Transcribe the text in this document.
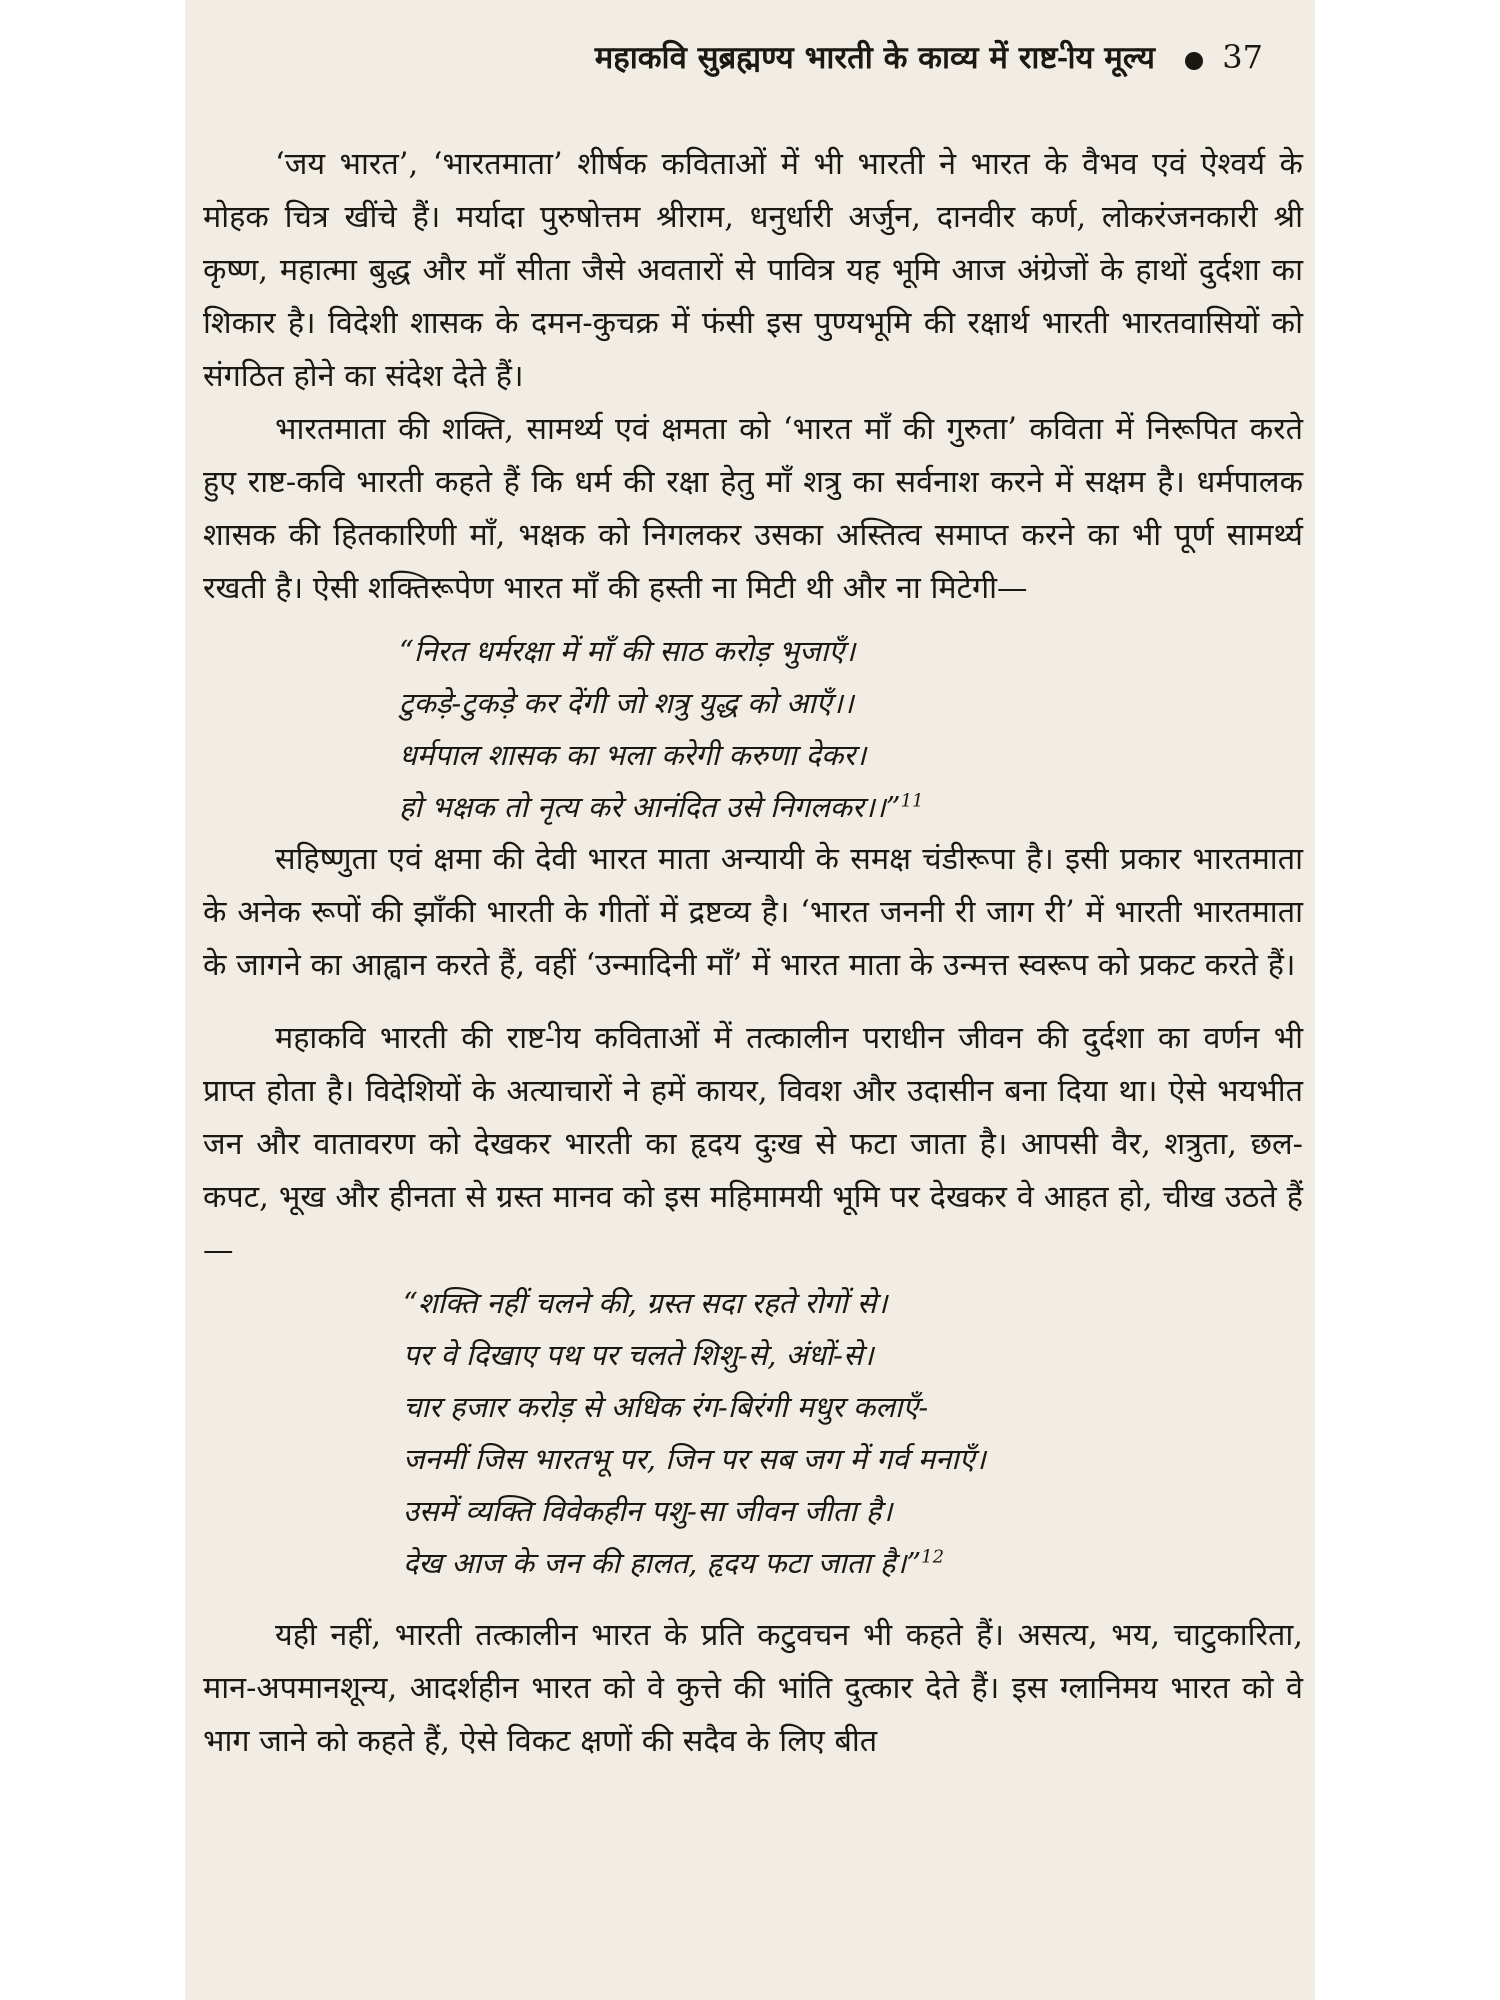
महाकवि सुब्रह्मण्य भारती के काव्य में राष्ट-ीय मूल्य 37

‘जय भारत’, ‘भारतमाता’ शीर्षक कविताओं में भी भारती ने भारत के वैभव एवं ऐश्वर्य के मोहक चित्र खींचे हैं। मर्यादा पुरुषोत्तम श्रीराम, धनुर्धारी अर्जुन, दानवीर कर्ण, लोकरंजनकारी श्री कृष्ण, महात्मा बुद्ध और माँ सीता जैसे अवतारों से पावित्र यह भूमि आज अंग्रेजों के हाथों दुर्दशा का शिकार है। विदेशी शासक के दमन-कुचक्र में फंसी इस पुण्यभूमि की रक्षार्थ भारती भारतवासियों को संगठित होने का संदेश देते हैं।

भारतमाता की शक्ति, सामर्थ्य एवं क्षमता को ‘भारत माँ की गुरुता’ कविता में निरूपित करते हुए राष्ट-कवि भारती कहते हैं कि धर्म की रक्षा हेतु माँ शत्रु का सर्वनाश करने में सक्षम है। धर्मपालक शासक की हितकारिणी माँ, भक्षक को निगलकर उसका अस्तित्व समाप्त करने का भी पूर्ण सामर्थ्य रखती है। ऐसी शक्तिरूपेण भारत माँ की हस्ती ना मिटी थी और ना मिटेगी—

“निरत धर्मरक्षा में माँ की साठ करोड़ भुजाएँ।
टुकड़े-टुकड़े कर देंगी जो शत्रु युद्ध को आएँ।।
धर्मपाल शासक का भला करेगी करुणा देकर।
हो भक्षक तो नृत्य करे आनंदित उसे निगलकर।।”$^{11}$

सहिष्णुता एवं क्षमा की देवी भारत माता अन्यायी के समक्ष चंडीरूपा है। इसी प्रकार भारतमाता के अनेक रूपों की झाँकी भारती के गीतों में द्रष्टव्य है। ‘भारत जननी री जाग री’ में भारती भारतमाता के जागने का आह्वान करते हैं, वहीं ‘उन्मादिनी माँ’ में भारत माता के उन्मत्त स्वरूप को प्रकट करते हैं।

महाकवि भारती की राष्ट-ीय कविताओं में तत्कालीन पराधीन जीवन की दुर्दशा का वर्णन भी प्राप्त होता है। विदेशियों के अत्याचारों ने हमें कायर, विवश और उदासीन बना दिया था। ऐसे भयभीत जन और वातावरण को देखकर भारती का हृदय दुःख से फटा जाता है। आपसी वैर, शत्रुता, छल-कपट, भूख और हीनता से ग्रस्त मानव को इस महिमामयी भूमि पर देखकर वे आहत हो, चीख उठते हैं—

“शक्ति नहीं चलने की, ग्रस्त सदा रहते रोगों से।
पर वे दिखाए पथ पर चलते शिशु-से, अंधों-से।
चार हजार करोड़ से अधिक रंग-बिरंगी मधुर कलाएँ-
जनमीं जिस भारतभू पर, जिन पर सब जग में गर्व मनाएँ।
उसमें व्यक्ति विवेकहीन पशु-सा जीवन जीता है।
देख आज के जन की हालत, हृदय फटा जाता है।”$^{12}$

यही नहीं, भारती तत्कालीन भारत के प्रति कटुवचन भी कहते हैं। असत्य, भय, चाटुकारिता, मान-अपमानशून्य, आदर्शहीन भारत को वे कुत्ते की भांति दुत्कार देते हैं। इस ग्लानिमय भारत को वे भाग जाने को कहते हैं, ऐसे विकट क्षणों की सदैव के लिए बीत
